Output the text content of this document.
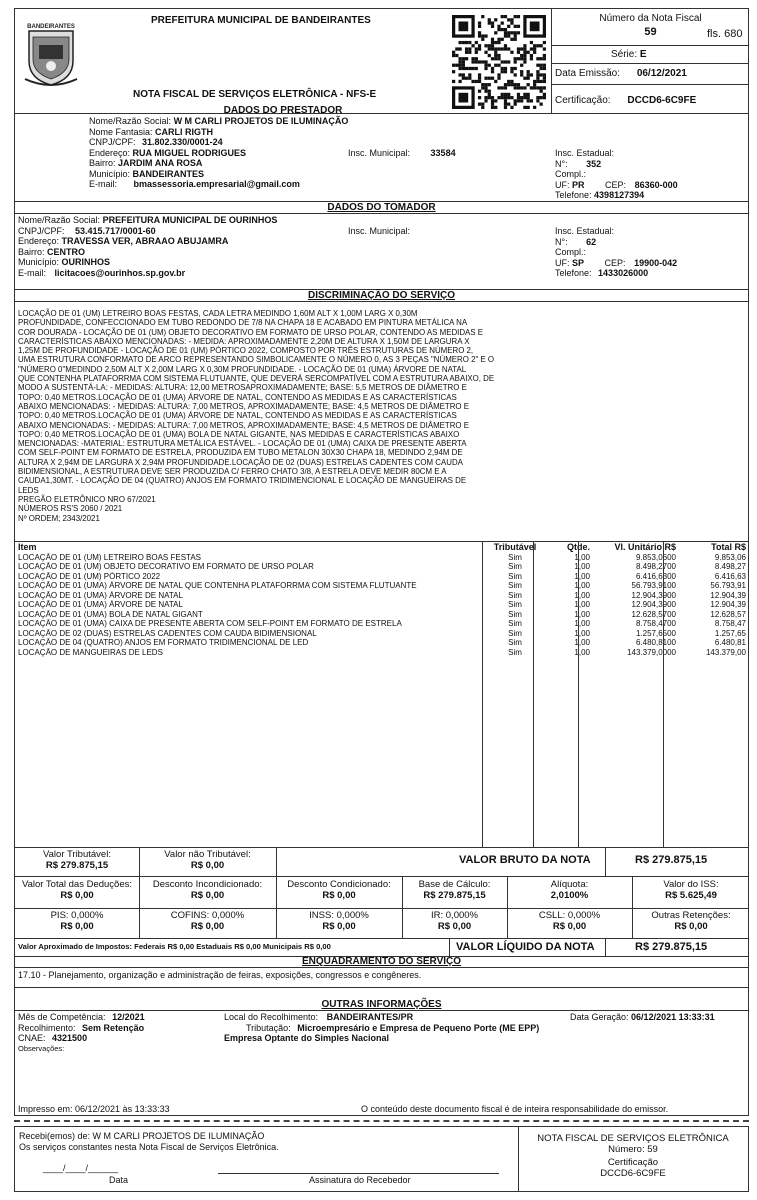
BANDEIRANTES
PREFEITURA MUNICIPAL DE BANDEIRANTES
NOTA FISCAL DE SERVIÇOS ELETRÔNICA - NFS-E
Número da Nota Fiscal
59	fls. 680
Série: E
Data Emissão: 06/12/2021
Certificação: DCCD6-6C9FE
DADOS DO PRESTADOR
Nome/Razão Social: W M CARLI PROJETOS DE ILUMINAÇÃO
Nome Fantasia: CARLI RIGTH
CNPJ/CPF: 31.802.330/0001-24
Endereço: RUA MIGUEL RODRIGUES
Bairro: JARDIM ANA ROSA
Município: BANDEIRANTES
E-mail: bmassessoria.empresarial@gmail.com
Insc. Municipal: 33584	Insc. Estadual:
N°: 352
Compl.:
UF: PR CEP: 86360-000
Telefone: 4398127394
DADOS DO TOMADOR
Nome/Razão Social: PREFEITURA MUNICIPAL DE OURINHOS
CNPJ/CPF: 53.415.717/0001-60
Endereço: TRAVESSA VER, ABRAAO ABUJAMRA
Bairro: CENTRO
Município: OURINHOS
E-mail: licitacoes@ourinhos.sp.gov.br
Insc. Municipal:	Insc. Estadual:
N°: 62
Compl.:
UF: SP CEP: 19900-042
Telefone: 1433026000
DISCRIMINAÇÃO DO SERVIÇO
LOCAÇÃO DE 01 (UM) LETREIRO BOAS FESTAS, CADA LETRA MEDINDO 1,60M ALT X 1,00M LARG X 0,30M
PROFUNDIDADE, CONFECCIONADO EM TUBO REDONDO DE 7/8 NA CHAPA 18 E ACABADO EM PINTURA METÁLICA NA
COR DOURADA - LOCAÇÃO DE 01 (UM) OBJETO DECORATIVO EM FORMATO DE URSO POLAR, CONTENDO AS MEDIDAS E
CARACTERÍSTICAS ABAIXO MENCIONADAS: - MEDIDA: APROXIMADAMENTE 2,20M DE ALTURA X 1,50M DE LARGURA X
1,25M DE PROFUNDIDADE - LOCAÇÃO DE 01 (UM) PÓRTICO 2022, COMPOSTO POR TRÊS ESTRUTURAS DE NÚMERO 2,
UMA ESTRUTURA CONFORMATO DE ARCO REPRESENTANDO SIMBOLICAMENTE O NÚMERO 0, AS 3 PEÇAS "NÚMERO 2" E O
"NÚMERO 0"MEDINDO 2,50M ALT X 2,00M LARG X 0,30M PROFUNDIDADE. - LOCAÇÃO DE 01 (UMA) ÁRVORE DE NATAL
QUE CONTENHA PLATAFORRMA COM SISTEMA FLUTUANTE, QUE DEVERÁ SERCOMPATÍVEL COM A ESTRUTURA ABAIXO, DE
MODO A SUSTENTÁ-LA: - MEDIDAS: ALTURA: 12,00 METROSAPROXIMADAMENTE; BASE: 5,5 METROS DE DIÂMETRO E
TOPO: 0,40 METROS.LOCAÇÃO DE 01 (UMA) ÁRVORE DE NATAL, CONTENDO AS MEDIDAS E AS CARACTERÍSTICAS
ABAIXO MENCIONADAS: - MEDIDAS: ALTURA: 7,00 METROS, APROXIMADAMENTE; BASE: 4,5 METROS DE DIÂMETRO E
TOPO: 0,40 METROS.LOCAÇÃO DE 01 (UMA) ÁRVORE DE NATAL, CONTENDO AS MEDIDAS E AS CARACTERÍSTICAS
ABAIXO MENCIONADAS: - MEDIDAS: ALTURA: 7,00 METROS, APROXIMADAMENTE; BASE: 4,5 METROS DE DIÂMETRO E
TOPO: 0,40 METROS.LOCAÇÃO DE 01 (UMA) BOLA DE NATAL GIGANTE, NAS MEDIDAS E CARACTERÍSTICAS ABAIXO
MENCIONADAS: -MATERIAL: ESTRUTURA METÁLICA ESTÁVEL. - LOCAÇÃO DE 01 (UMA) CAIXA DE PRESENTE ABERTA
COM SELF-POINT EM FORMATO DE ESTRELA, PRODUZIDA EM TUBO METALON 30X30 CHAPA 18, MEDINDO 2,94M DE
ALTURA X 2,94M DE LARGURA X 2,94M PROFUNDIDADE.LOCAÇÃO DE 02 (DUAS) ESTRELAS CADENTES COM CAUDA
BIDIMENSIONAL, A ESTRUTURA DEVE SER PRODUZIDA C/ FERRO CHATO 3/8, A ESTRELA DEVE MEDIR 80CM E A
CAUDA1,30MT. - LOCAÇÃO DE 04 (QUATRO) ANJOS EM FORMATO TRIDIMENCIONAL E LOCAÇÃO DE MANGUEIRAS DE
LEDS
PREGÃO ELETRÔNICO NRO 67/2021
NÚMEROS RS'S 2060 / 2021
Nº ORDEM; 2343/2021
Item	Tributável	Qtde.	Vl. Unitário R$	Total R$
LOCAÇÃO DE 01 (UM) LETREIRO BOAS FESTAS	Sim	1,00	9.853,0600	9.853,06
LOCAÇÃO DE 01 (UM) OBJETO DECORATIVO EM FORMATO DE URSO POLAR	Sim	1,00	8.498,2700	8.498,27
LOCAÇÃO DE 01 (UM) PÓRTICO 2022	Sim	1,00	6.416,6300	6.416,63
LOCAÇÃO DE 01 (UMA) ÁRVORE DE NATAL QUE CONTENHA PLATAFORRMA COM SISTEMA FLUTUANTE	Sim	1,00	56.793,9100	56.793,91
LOCAÇÃO DE 01 (UMA) ÁRVORE DE NATAL	Sim	1,00	12.904,3900	12.904,39
LOCAÇÃO DE 01 (UMA) ÁRVORE DE NATAL	Sim	1,00	12.904,3900	12.904,39
LOCAÇÃO DE 01 (UMA) BOLA DE NATAL GIGANT	Sim	1,00	12.628,5700	12.628,57
LOCAÇÃO DE 01 (UMA) CAIXA DE PRESENTE ABERTA COM SELF-POINT EM FORMATO DE ESTRELA	Sim	1,00	8.758,4700	8.758,47
LOCAÇÃO DE 02 (DUAS) ESTRELAS CADENTES COM CAUDA BIDIMENSIONAL	Sim	1,00	1.257,6500	1.257,65
LOCAÇÃO DE 04 (QUATRO) ANJOS EM FORMATO TRIDIMENCIONAL DE LED	Sim	1,00	6.480,8100	6.480,81
LOCAÇÃO DE MANGUEIRAS DE LEDS	Sim	1,00	143.379,0000	143.379,00
Valor Tributável:
R$ 279.875,15
Valor não Tributável:
R$ 0,00	VALOR BRUTO DA NOTA	R$ 279.875,15
Valor Total das Deduções:
R$ 0,00
Desconto Incondicionado:
R$ 0,00
Desconto Condicionado:
R$ 0,00
Base de Cálculo:
R$ 279.875,15
Alíquota:
2,0100%
Valor do ISS:
R$ 5.625,49
PIS: 0,000%
R$ 0,00
COFINS: 0,000%
R$ 0,00
INSS: 0,000%
R$ 0,00
IR: 0,000%
R$ 0,00
CSLL: 0,000%
R$ 0,00
Outras Retenções:
R$ 0,00
Valor Aproximado de Impostos: Federais R$ 0,00 Estaduais R$ 0,00 Municipais R$ 0,00	VALOR LÍQUIDO DA NOTA	R$ 279.875,15
ENQUADRAMENTO DO SERVIÇO
17.10 - Planejamento, organização e administração de feiras, exposições, congressos e congêneres.
OUTRAS INFORMAÇÕES
Mês de Competência: 12/2021
Recolhimento: Sem Retenção
CNAE: 4321500
Observações:
Local do Recolhimento: BANDEIRANTES/PR
Tributação: Microempresário e Empresa de Pequeno Porte (ME EPP)
Empresa Optante do Simples Nacional
Data Geração: 06/12/2021 13:33:31
Impresso em: 06/12/2021 às 13:33:33	O conteúdo deste documento fiscal é de inteira responsabilidade do emissor.
Recebi(emos) de: W M CARLI PROJETOS DE ILUMINAÇÃO
Os serviços constantes nesta Nota Fiscal de Serviços Eletrônica.
____/____/______
Data	Assinatura do Recebedor
NOTA FISCAL DE SERVIÇOS ELETRÔNICA
Número: 59
Certificação
DCCD6-6C9FE
